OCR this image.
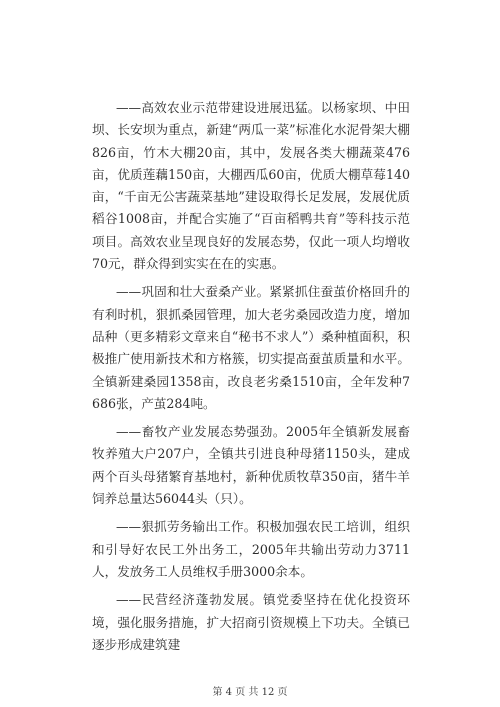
——高效农业示范带建设进展迅猛。以杨家坝、中田坝、长安坝为重点，新建“两瓜一菜”标准化水泥骨架大棚826亩，竹木大棚20亩，其中，发展各类大棚蔬菜476亩，优质莲藕150亩，大棚西瓜60亩，优质大棚草莓140亩，“千亩无公害蔬菜基地”建设取得长足发展，发展优质稻谷1008亩，并配合实施了“百亩稻鸭共育”等科技示范项目。高效农业呈现良好的发展态势，仅此一项人均增收70元，群众得到实实在在的实惠。

——巩固和壮大蚕桑产业。紧紧抓住蚕茧价格回升的有利时机，狠抓桑园管理，加大老劣桑园改造力度，增加品种（更多精彩文章来自“秘书不求人”）桑种植面积，积极推广使用新技术和方格簇，切实提高蚕茧质量和水平。全镇新建桑园1358亩，改良老劣桑1510亩，全年发种7686张，产茧284吨。

——畜牧产业发展态势强劲。2005年全镇新发展畜牧养殖大户207户，全镇共引进良种母猪1150头，建成两个百头母猪繁育基地村，新种优质牧草350亩，猪牛羊饲养总量达56044头（只）。

——狠抓劳务输出工作。积极加强农民工培训，组织和引导好农民工外出务工，2005年共输出劳动力3711人，发放务工人员维权手册3000余本。

——民营经济蓬勃发展。镇党委坚持在优化投资环境，强化服务措施，扩大招商引资规模上下功夫。全镇已逐步形成建筑建

第 4 页 共 12 页
